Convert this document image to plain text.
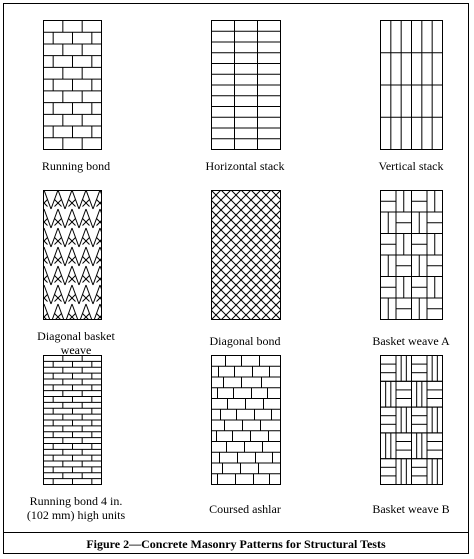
Running bond	Horizontal stack	Vertical stack
Diagonal basket
weave
Diagonal bond	Basket weave A
Running bond 4 in.
(102 mm) high units	Coursed ashlar	Basket weave B
Figure 2—Concrete Masonry Patterns for Structural Tests
